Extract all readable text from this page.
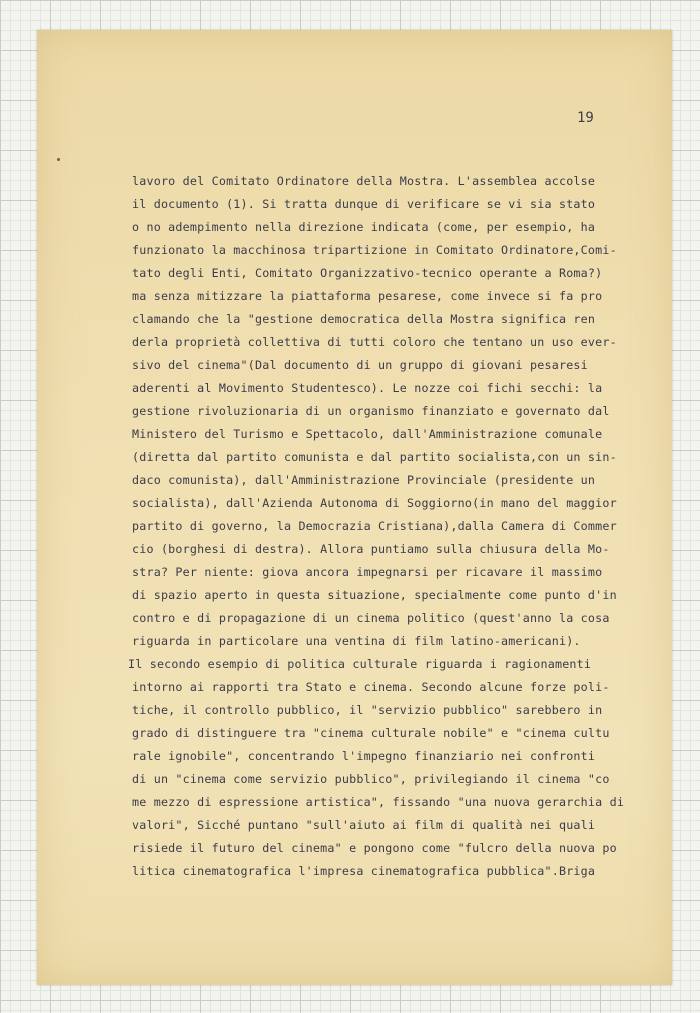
19
lavoro del Comitato Ordinatore della Mostra. L'assemblea accolse
il documento (1). Si tratta dunque di verificare se vi sia stato
o no adempimento nella direzione indicata (come, per esempio, ha
funzionato la macchinosa tripartizione in Comitato Ordinatore,Comi-
tato degli Enti, Comitato Organizzativo-tecnico operante a Roma?)
ma senza mitizzare la piattaforma pesarese, come invece si fa pro
clamando che la "gestione democratica della Mostra significa ren
derla proprietà collettiva di tutti coloro che tentano un uso ever-
sivo del cinema"(Dal documento di un gruppo di giovani pesaresi
aderenti al Movimento Studentesco). Le nozze coi fichi secchi: la
gestione rivoluzionaria di un organismo finanziato e governato dal
Ministero del Turismo e Spettacolo, dall'Amministrazione comunale
(diretta dal partito comunista e dal partito socialista,con un sin-
daco comunista), dall'Amministrazione Provinciale (presidente un
socialista), dall'Azienda Autonoma di Soggiorno(in mano del maggior
partito di governo, la Democrazia Cristiana),dalla Camera di Commer
cio (borghesi di destra). Allora puntiamo sulla chiusura della Mo-
stra? Per niente: giova ancora impegnarsi per ricavare il massimo
di spazio aperto in questa situazione, specialmente come punto d'in
contro e di propagazione di un cinema politico (quest'anno la cosa
riguarda in particolare una ventina di film latino-americani).
Il secondo esempio di politica culturale riguarda i ragionamenti
intorno ai rapporti tra Stato e cinema. Secondo alcune forze poli-
tiche, il controllo pubblico, il "servizio pubblico" sarebbero in
grado di distinguere tra "cinema culturale nobile" e "cinema cultu
rale ignobile", concentrando l'impegno finanziario nei confronti
di un "cinema come servizio pubblico", privilegiando il cinema "co
me mezzo di espressione artistica", fissando "una nuova gerarchia di
valori", Sicché puntano "sull'aiuto ai film di qualità nei quali
risiede il futuro del cinema" e pongono come "fulcro della nuova po
litica cinematografica l'impresa cinematografica pubblica".Briga
